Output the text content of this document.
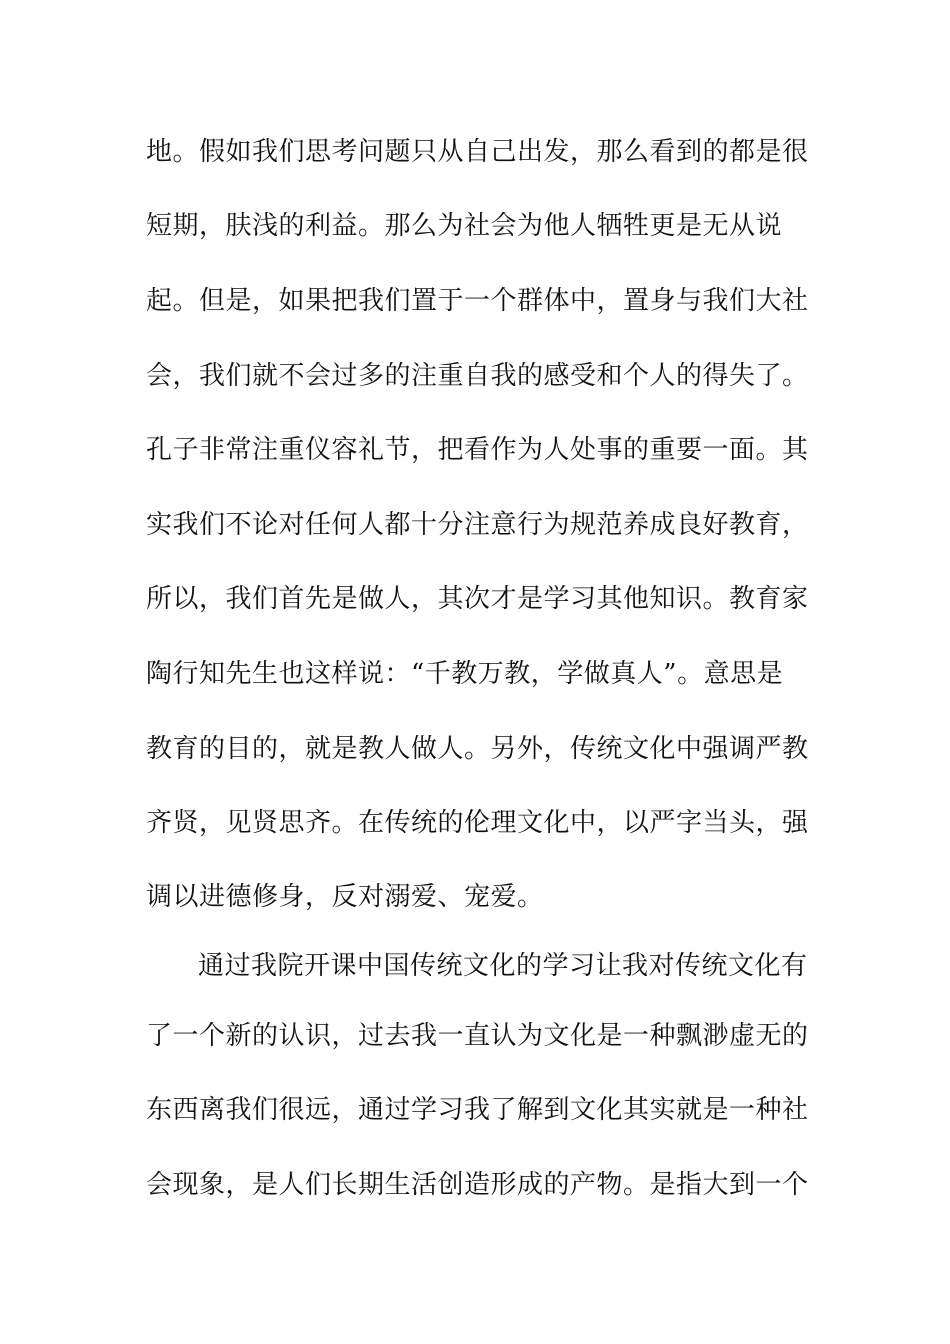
地。假如我们思考问题只从自己出发，那么看到的都是很
短期，肤浅的利益。那么为社会为他人牺牲更是无从说
起。但是，如果把我们置于一个群体中，置身与我们大社
会，我们就不会过多的注重自我的感受和个人的得失了。
孔子非常注重仪容礼节，把看作为人处事的重要一面。其
实我们不论对任何人都十分注意行为规范养成良好教育，
所以，我们首先是做人，其次才是学习其他知识。教育家
陶行知先生也这样说：“千教万教，学做真人”。意思是
教育的目的，就是教人做人。另外，传统文化中强调严教
齐贤，见贤思齐。在传统的伦理文化中，以严字当头，强
调以进德修身，反对溺爱、宠爱。
通过我院开课中国传统文化的学习让我对传统文化有
了一个新的认识，过去我一直认为文化是一种飘渺虚无的
东西离我们很远，通过学习我了解到文化其实就是一种社
会现象，是人们长期生活创造形成的产物。是指大到一个
